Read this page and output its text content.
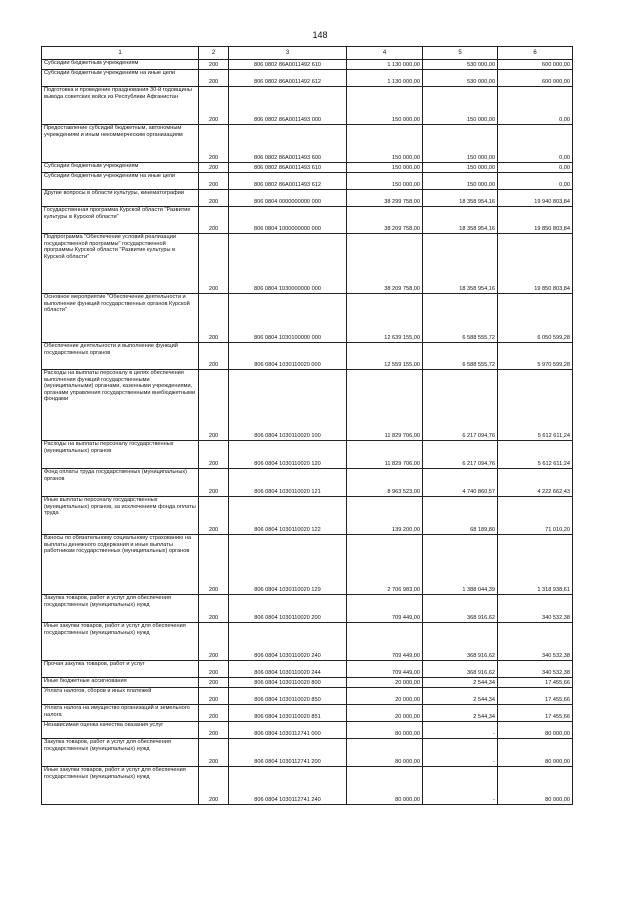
148
1	2	3	4	5	6
Субсидии бюджетным учреждениям	200	806 0802 86А0011492 610	1 130 000,00	530 000,00	600 000,00
Субсидии бюджетным учреждениям на иные цели	200	806 0802 86А0011492 612	1 130 000,00	530 000,00	600 000,00
Подготовка и проведение празднования 30-й годовщины вывода советских войск из Республики Афганистан	200	806 0802 86А0011493 000	150 000,00	150 000,00	0,00
Предоставление субсидий бюджетным, автономным учреждениям и иным некоммерческим организациям	200	806 0802 86А0011493 600	150 000,00	150 000,00	0,00
Субсидии бюджетным учреждениям	200	806 0802 86А0011493 610	150 000,00	150 000,00	0,00
Субсидии бюджетным учреждениям на иные цели	200	806 0802 86А0011493 612	150 000,00	150 000,00	0,00
Другие вопросы в области культуры, кинематографии	200	806 0804 0000000000 000	38 299 758,00	18 358 954,16	19 940 803,84
Государственная программа Курской области "Развитие культуры в Курской области"	200	806 0804 1000000000 000	38 209 758,00	18 358 954,16	19 850 803,84
Подпрограмма "Обеспечение условий реализации государственной программы" государственной программы Курской области "Развитие культуры в Курской области"	200	806 0804 1030000000 000	38 209 758,00	18 358 954,16	19 850 803,84
Основное мероприятие "Обеспечение деятельности и выполнение функций государственных органов Курской области"	200	806 0804 1030100000 000	12 639 155,00	6 588 555,72	6 050 599,28
Обеспечение деятельности и выполнение функций государственных органов	200	806 0804 1030110020 000	12 559 155,00	6 588 555,72	5 970 599,28
Расходы на выплаты персоналу в целях обеспечения выполнения функций государственными (муниципальными) органами, казенными учреждениями, органами управления государственными внебюджетными фондами	200	806 0804 1030110020 100	11 829 706,00	6 217 094,76	5 612 611,24
Расходы на выплаты персоналу государственных (муниципальных) органов	200	806 0804 1030110020 120	11 829 706,00	6 217 094,76	5 612 611,24
Фонд оплаты труда государственных (муниципальных) органов	200	806 0804 1030110020 121	8 963 523,00	4 740 860,57	4 222 662,43
Иные выплаты персоналу государственных (муниципальных) органов, за исключением фонда оплаты труда	200	806 0804 1030110020 122	139 200,00	68 189,80	71 010,20
Взносы по обязательному социальному страхованию на выплаты денежного содержания и иные выплаты работникам государственных (муниципальных) органов	200	806 0804 1030110020 129	2 706 983,00	1 388 044,39	1 318 938,61
Закупка товаров, работ и услуг для обеспечения государственных (муниципальных) нужд	200	806 0804 1030110020 200	709 449,00	368 916,62	340 532,38
Иные закупки товаров, работ и услуг для обеспечения государственных (муниципальных) нужд	200	806 0804 1030110020 240	709 449,00	368 916,62	340 532,38
Прочая закупка товаров, работ и услуг	200	806 0804 1030110020 244	709 449,00	368 916,62	340 532,38
Иные бюджетные ассигнования	200	806 0804 1030110020 800	20 000,00	2 544,34	17 455,66
Уплата налогов, сборов и иных платежей	200	806 0804 1030110020 850	20 000,00	2 544,34	17 455,66
Уплата налога на имущество организаций и земельного налога	200	806 0804 1030110020 851	20 000,00	2 544,34	17 455,66
Независимая оценка качества оказания услуг	200	806 0804 1030112741 000	80 000,00	-	80 000,00
Закупка товаров, работ и услуг для обеспечения государственных (муниципальных) нужд	200	806 0804 1030112741 200	80 000,00	-	80 000,00
Иные закупки товаров, работ и услуг для обеспечения государственных (муниципальных) нужд	200	806 0804 1030112741 240	80 000,00	-	80 000,00
